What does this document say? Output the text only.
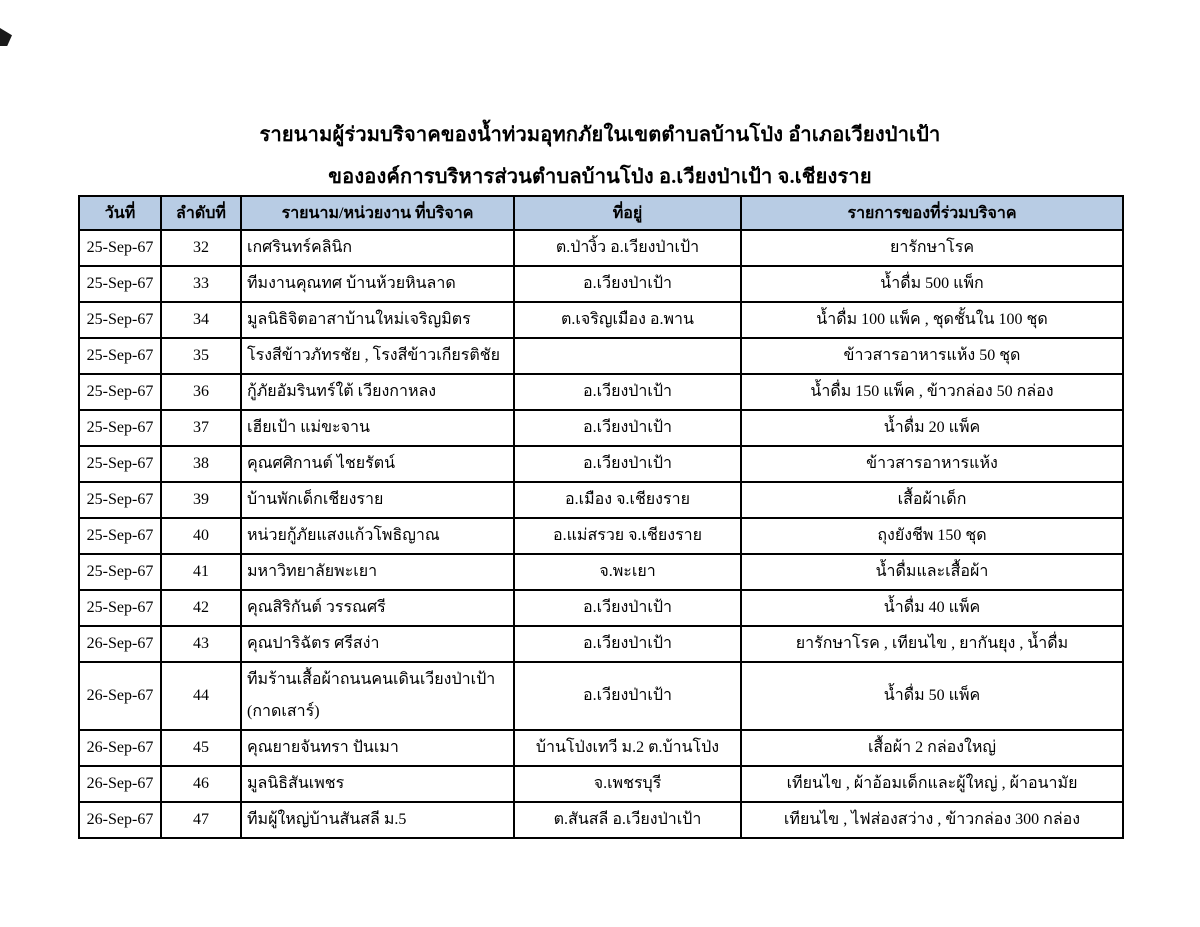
รายนามผู้ร่วมบริจาคของน้ำท่วมอุทกภัยในเขตตำบลบ้านโป่ง อำเภอเวียงป่าเป้า
ขององค์การบริหารส่วนตำบลบ้านโป่ง อ.เวียงป่าเป้า จ.เชียงราย
วันที่	ลำดับที่	รายนาม/หน่วยงาน ที่บริจาค	ที่อยู่	รายการของที่ร่วมบริจาค
25-Sep-67	32	เกศรินทร์คลินิก	ต.ป่างิ้ว อ.เวียงป่าเป้า	ยารักษาโรค
25-Sep-67	33	ทีมงานคุณทศ บ้านห้วยหินลาด	อ.เวียงป่าเป้า	น้ำดื่ม 500 แพ็ก
25-Sep-67	34	มูลนิธิจิตอาสาบ้านใหม่เจริญมิตร	ต.เจริญเมือง อ.พาน	น้ำดื่ม 100 แพ็ค , ชุดชั้นใน 100 ชุด
25-Sep-67	35	โรงสีข้าวภัทรชัย , โรงสีข้าวเกียรติชัย		ข้าวสารอาหารแห้ง 50 ชุด
25-Sep-67	36	กู้ภัยอัมรินทร์ใต้ เวียงกาหลง	อ.เวียงป่าเป้า	น้ำดื่ม 150 แพ็ค , ข้าวกล่อง 50 กล่อง
25-Sep-67	37	เฮียเป้า แม่ขะจาน	อ.เวียงป่าเป้า	น้ำดื่ม 20 แพ็ค
25-Sep-67	38	คุณศศิกานต์ ไชยรัตน์	อ.เวียงป่าเป้า	ข้าวสารอาหารแห้ง
25-Sep-67	39	บ้านพักเด็กเชียงราย	อ.เมือง จ.เชียงราย	เสื้อผ้าเด็ก
25-Sep-67	40	หน่วยกู้ภัยแสงแก้วโพธิญาณ	อ.แม่สรวย จ.เชียงราย	ถุงยังชีพ 150 ชุด
25-Sep-67	41	มหาวิทยาลัยพะเยา	จ.พะเยา	น้ำดื่มและเสื้อผ้า
25-Sep-67	42	คุณสิริกันต์ วรรณศรี	อ.เวียงป่าเป้า	น้ำดื่ม 40 แพ็ค
26-Sep-67	43	คุณปาริฉัตร ศรีสง่า	อ.เวียงป่าเป้า	ยารักษาโรค , เทียนไข , ยากันยุง , น้ำดื่ม
26-Sep-67	44	ทีมร้านเสื้อผ้าถนนคนเดินเวียงป่าเป้า (กาดเสาร์)	อ.เวียงป่าเป้า	น้ำดื่ม 50 แพ็ค
26-Sep-67	45	คุณยายจันทรา ปันเมา	บ้านโป่งเทวี ม.2 ต.บ้านโป่ง	เสื้อผ้า 2 กล่องใหญ่
26-Sep-67	46	มูลนิธิสันเพชร	จ.เพชรบุรี	เทียนไข , ผ้าอ้อมเด็กและผู้ใหญ่ , ผ้าอนามัย
26-Sep-67	47	ทีมผู้ใหญ่บ้านสันสลี ม.5	ต.สันสลี อ.เวียงป่าเป้า	เทียนไข , ไฟส่องสว่าง , ข้าวกล่อง 300 กล่อง
